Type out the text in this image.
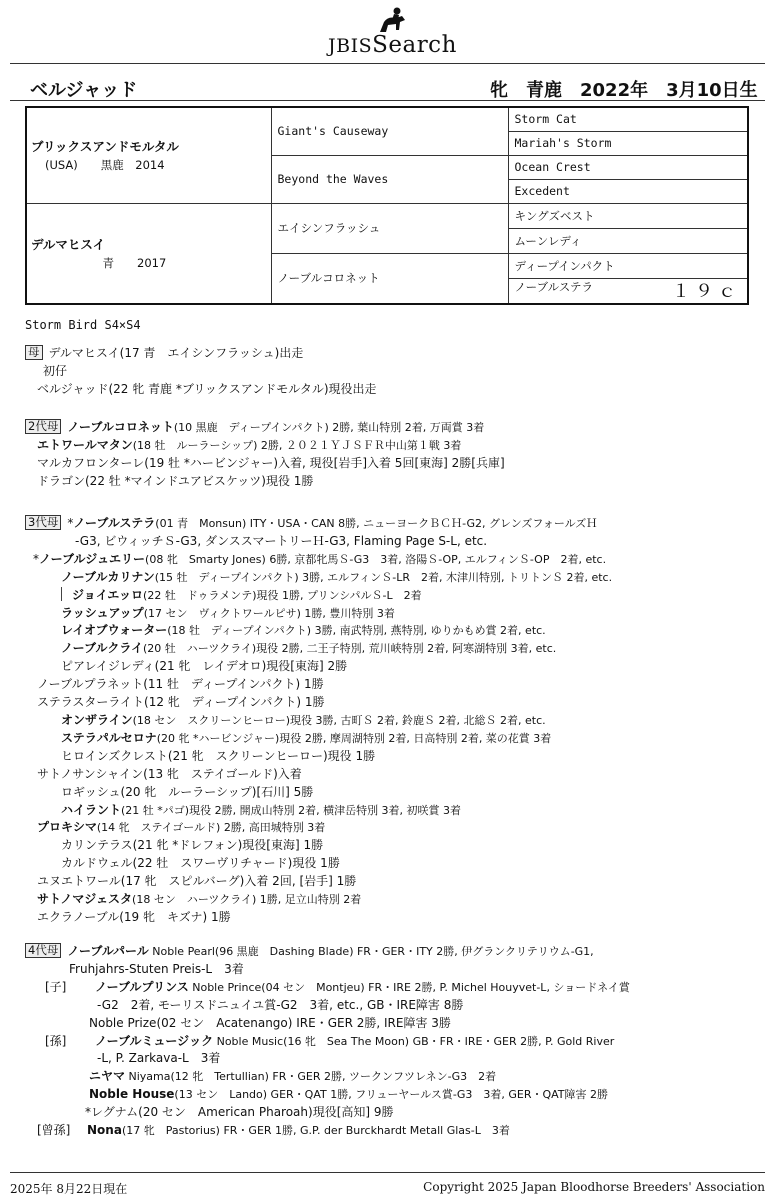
JBISSearch
ベルジャッド	牝　青鹿　2022年　3月10日生
ブリックスアンドモルタル
(USA)　　黒鹿　2014	Giant's Causeway	Storm Cat
		Mariah's Storm
	Beyond the Waves	Ocean Crest
		Excedent

デルマヒスイ
　　　　　青　　2017	エイシンフラッシュ	キングズベスト
		ムーンレディ
	ノーブルコロネット	ディープインパクト
		ノーブルステラ １９ｃ
Storm Bird S4×S4
母 デルマヒスイ(17 青　エイシンフラッシュ)出走
初仔
ベルジャッド(22 牝 青鹿 *ブリックスアンドモルタル)現役出走
2代母 ノーブルコロネット(10 黒鹿　ディープインパクト) 2勝, 葉山特別 2着, 万両賞 3着
エトワールマタン(18 牡　ルーラーシップ) 2勝, ２０２１ＹＪＳＦＲ中山第１戦 3着
マルカフロンターレ(19 牡 *ハービンジャー)入着, 現役[岩手]入着 5回[東海] 2勝[兵庫]
ドラゴン(22 牡 *マインドユアビスケッツ)現役 1勝
3代母 *ノーブルステラ(01 青　Monsun) ITY・USA・CAN 8勝, ニューヨークＢＣＨ-G2, グレンズフォールズＨ
-G3, ビウィッチＳ-G3, ダンススマートリーＨ-G3, Flaming Page S-L, etc.
*ノーブルジュエリー(08 牝　Smarty Jones) 6勝, 京都牝馬Ｓ-G3　3着, 洛陽Ｓ-OP, エルフィンＳ-OP　2着, etc.
ノーブルカリナン(15 牡　ディープインパクト) 3勝, エルフィンＳ-LR　2着, 木津川特別, トリトンＳ 2着, etc.
ジョイエッロ(22 牡　ドゥラメンテ)現役 1勝, プリンシパルＳ-L　2着
ラッシュアップ(17 セン　ヴィクトワールピサ) 1勝, 豊川特別 3着
レイオブウォーター(18 牡　ディープインパクト) 3勝, 南武特別, 燕特別, ゆりかもめ賞 2着, etc.
ノーブルクライ(20 牡　ハーツクライ)現役 2勝, 二王子特別, 荒川峡特別 2着, 阿寒湖特別 3着, etc.
ピアレイジレディ(21 牝　レイデオロ)現役[東海] 2勝
ノーブルプラネット(11 牡　ディープインパクト) 1勝
ステラスターライト(12 牝　ディープインパクト) 1勝
オンザライン(18 セン　スクリーンヒーロー)現役 3勝, 古町Ｓ 2着, 鈴鹿Ｓ 2着, 北総Ｓ 2着, etc.
ステラパルセロナ(20 牝 *ハービンジャー)現役 2勝, 摩周湖特別 2着, 日高特別 2着, 菜の花賞 3着
ヒロインズクレスト(21 牝　スクリーンヒーロー)現役 1勝
サトノサンシャイン(13 牝　ステイゴールド)入着
ロギッシュ(20 牝　ルーラーシップ)[石川] 5勝
ハイラント(21 牡 *パゴ)現役 2勝, 開成山特別 2着, 横津岳特別 3着, 初咲賞 3着
プロキシマ(14 牝　ステイゴールド) 2勝, 高田城特別 3着
カリンテラス(21 牝 *ドレフォン)現役[東海] 1勝
カルドウェル(22 牡　スワーヴリチャード)現役 1勝
ユヌエトワール(17 牝　スピルバーグ)入着 2回, [岩手] 1勝
サトノマジェスタ(18 セン　ハーツクライ) 1勝, 足立山特別 2着
エクラノーブル(19 牝　キズナ) 1勝
4代母 ノーブルパール Noble Pearl(96 黒鹿　Dashing Blade) FR・GER・ITY 2勝, 伊グランクリテリウム-G1,
Fruhjahrs-Stuten Preis-L　3着
[子] ノーブルプリンス Noble Prince(04 セン　Montjeu) FR・IRE 2勝, P. Michel Houyvet-L, ショードネイ賞
-G2　2着, モーリスドニュイユ賞-G2　3着, etc., GB・IRE障害 8勝
Noble Prize(02 セン　Acatenango) IRE・GER 2勝, IRE障害 3勝
[孫] ノーブルミュージック Noble Music(16 牝　Sea The Moon) GB・FR・IRE・GER 2勝, P. Gold River
-L, P. Zarkava-L　3着
ニヤマ Niyama(12 牝　Tertullian) FR・GER 2勝, ツークンフツレネン-G3　2着
Noble House(13 セン　Lando) GER・QAT 1勝, フリューヤールス賞-G3　3着, GER・QAT障害 2勝
*レグナム(20 セン　American Pharoah)現役[高知] 9勝
[曾孫] Nona(17 牝　Pastorius) FR・GER 1勝, G.P. der Burckhardt Metall Glas-L　3着
2025年 8月22日現在	Copyright 2025 Japan Bloodhorse Breeders' Association
